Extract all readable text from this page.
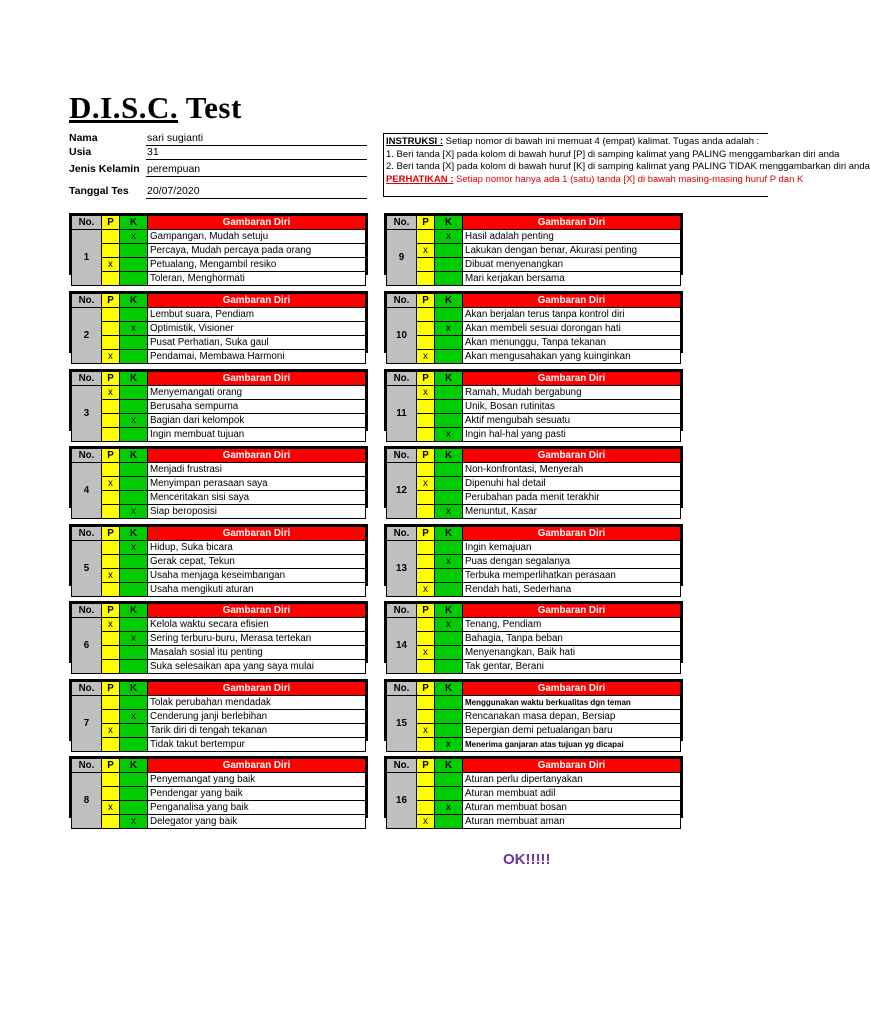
D.I.S.C. Test
Nama	sari sugianti
Usia	31
Jenis Kelamin perempuan
Tanggal Tes 20/07/2020
INSTRUKSI : Setiap nomor di bawah ini memuat 4 (empat) kalimat. Tugas anda adalah :
1. Beri tanda [X] pada kolom di bawah huruf [P] di samping kalimat yang PALING menggambarkan diri anda
2. Beri tanda [X] pada kolom di bawah huruf [K] di samping kalimat yang PALING TIDAK menggambarkan diri anda
PERHATIKAN : Setiap nomor hanya ada 1 (satu) tanda [X] di bawah masing-masing huruf P dan K
No.	P	K	Gambaran Diri
1		x	Gampangan, Mudah setuju
			Percaya, Mudah percaya pada orang
	x		Petualang, Mengambil resiko
			Toleran, Menghormati
No.	P	K	Gambaran Diri
2			Lembut suara, Pendiam
		x	Optimistik, Visioner
			Pusat Perhatian, Suka gaul
	x		Pendamai, Membawa Harmoni
No.	P	K	Gambaran Diri
3	x		Menyemangati orang
			Berusaha sempurna
		x	Bagian dari kelompok
			Ingin membuat tujuan
No.	P	K	Gambaran Diri
4			Menjadi frustrasi
	x		Menyimpan perasaan saya
			Menceritakan sisi saya
		x	Siap beroposisi
No.	P	K	Gambaran Diri
5		x	Hidup, Suka bicara
			Gerak cepat, Tekun
	x		Usaha menjaga keseimbangan
			Usaha mengikuti aturan
No.	P	K	Gambaran Diri
6	x		Kelola waktu secara efisien
		x	Sering terburu-buru, Merasa tertekan
			Masalah sosial itu penting
			Suka selesaikan apa yang saya mulai
No.	P	K	Gambaran Diri
7			Tolak perubahan mendadak
		x	Cenderung janji berlebihan
	x		Tarik diri di tengah tekanan
			Tidak takut bertempur
No.	P	K	Gambaran Diri
8			Penyemangat yang baik
			Pendengar yang baik
	x		Penganalisa yang baik
		x	Delegator yang baik
No.	P	K	Gambaran Diri
9		x	Hasil adalah penting
	x		Lakukan dengan benar, Akurasi penting
			Dibuat menyenangkan
			Mari kerjakan bersama
No.	P	K	Gambaran Diri
10			Akan berjalan terus tanpa kontrol diri
		x	Akan membeli sesuai dorongan hati
			Akan menunggu, Tanpa tekanan
	x		Akan mengusahakan yang kuinginkan
No.	P	K	Gambaran Diri
11	x		Ramah, Mudah bergabung
			Unik, Bosan rutinitas
			Aktif mengubah sesuatu
		x	Ingin hal-hal yang pasti
No.	P	K	Gambaran Diri
12			Non-konfrontasi, Menyerah
	x		Dipenuhi hal detail
			Perubahan pada menit terakhir
		x	Menuntut, Kasar
No.	P	K	Gambaran Diri
13			Ingin kemajuan
		x	Puas dengan segalanya
			Terbuka memperlihatkan perasaan
	x		Rendah hati, Sederhana
No.	P	K	Gambaran Diri
14		x	Tenang, Pendiam
			Bahagia, Tanpa beban
	x		Menyenangkan, Baik hati
			Tak gentar, Berani
No.	P	K	Gambaran Diri
15			Menggunakan waktu berkualitas dgn teman
			Rencanakan masa depan, Bersiap
	x		Bepergian demi petualangan baru
		x	Menerima ganjaran atas tujuan yg dicapai
No.	P	K	Gambaran Diri
16			Aturan perlu dipertanyakan
			Aturan membuat adil
		x	Aturan membuat bosan
	x		Aturan membuat aman
OK!!!!!
